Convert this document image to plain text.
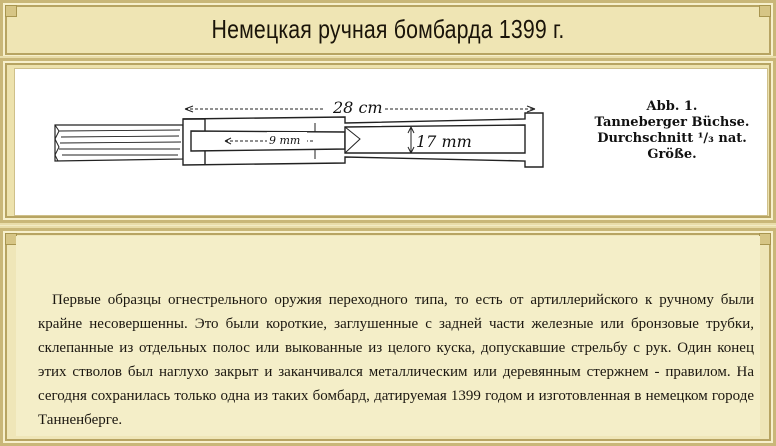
Немецкая ручная бомбарда 1399 г.
28 cm
9 mm	17 mm
Abb. 1.
Tanneberger Büchse.
Durchschnitt ¹/₃ nat.
Größe.

Первые образцы огнестрельного оружия переходного типа, то есть от артиллерийского к ручному были крайне несовершенны. Это были короткие, заглушенные с задней части железные или бронзовые трубки, склепанные из отдельных полос или выкованные из целого куска, допускавшие стрельбу с рук. Один конец этих стволов был наглухо закрыт и заканчивался металлическим или деревянным стержнем - правилом. На сегодня сохранилась только одна из таких бомбард, датируемая 1399 годом и изготовленная в немецком городе Танненберге.
